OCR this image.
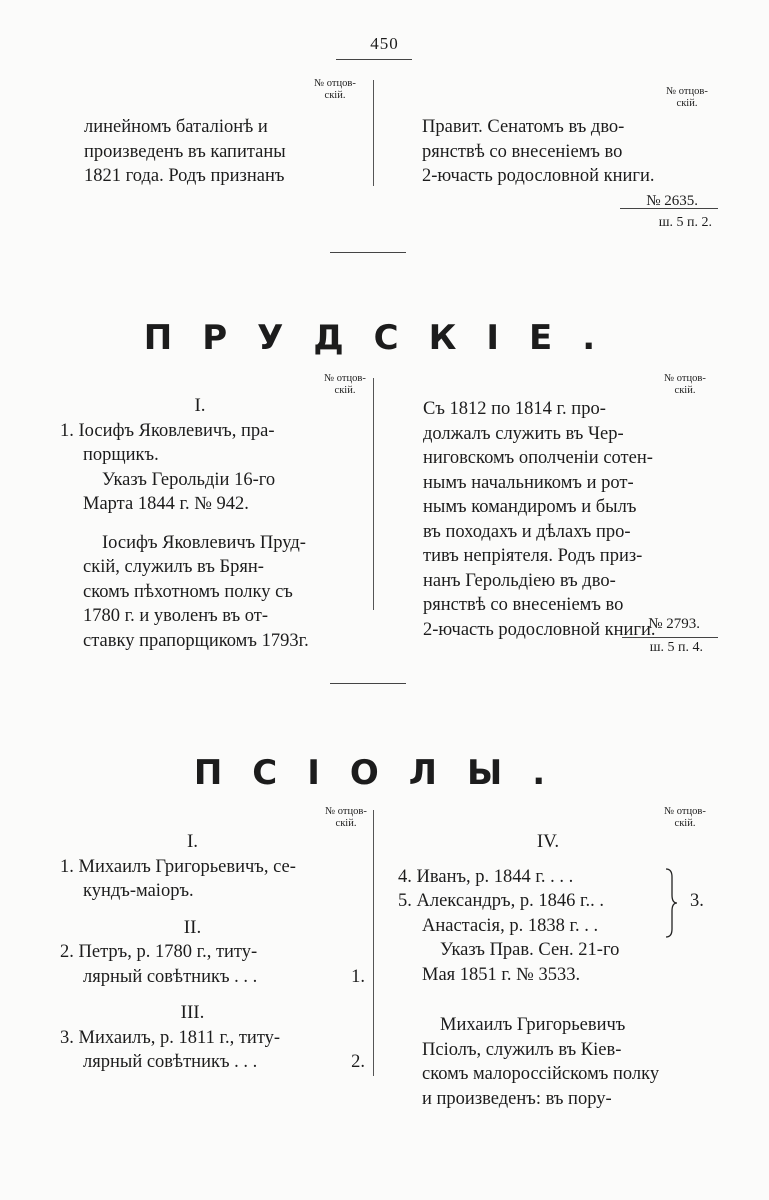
450
№ отцов-
скій.	№ отцов-
скій.

линейномъ баталіонѣ и

произведенъ въ капитаны

1821 года. Родъ признанъ

Правит. Сенатомъ въ дво-

рянствѣ со внесеніемъ во

2-ючасть родословной книги.

№ 2635.

ш. 5 п. 2.

ПРУДСКІЕ.
№ отцов-
скій.
№ отцов-
скій.

I.

1. Іосифъ Яковлевичъ, пра-

порщикъ.

Указъ Герольдіи 16-го

Марта 1844 г. № 942.

Іосифъ Яковлевичъ Пруд-

скій, служилъ въ Брян-

скомъ пѣхотномъ полку съ

1780 г. и уволенъ въ от-

ставку прапорщикомъ 1793г.

Съ 1812 по 1814 г. про-

должалъ служить въ Чер-

ниговскомъ ополченіи сотен-

нымъ начальникомъ и рот-

нымъ командиромъ и былъ

въ походахъ и дѣлахъ про-

тивъ непріятеля. Родъ приз-

нанъ Герольдіею въ дво-

рянствѣ со внесеніемъ во

2-ючасть родословной книги.

№ 2793.
ш. 5 п. 4.
ПСІОЛЫ.
№ отцов-
скій.
№ отцов-
скій.

I.

1. Михаилъ Григорьевичъ, се-

кундъ-маіоръ.

II.

2. Петръ, р. 1780 г., титу-

лярный совѣтникъ . . .	1.

III.

3. Михаилъ, р. 1811 г., титу-

лярный совѣтникъ . . .	2.

IV.

4. Иванъ, р. 1844 г. . . .

5. Александръ, р. 1846 г.. .

Анастасія, р. 1838 г. . .

3.

Указъ Прав. Сен. 21-го

Мая 1851 г. № 3533.

Михаилъ Григорьевичъ

Псіолъ, служилъ въ Кіев-

скомъ малороссійскомъ полку

и произведенъ: въ пору-
